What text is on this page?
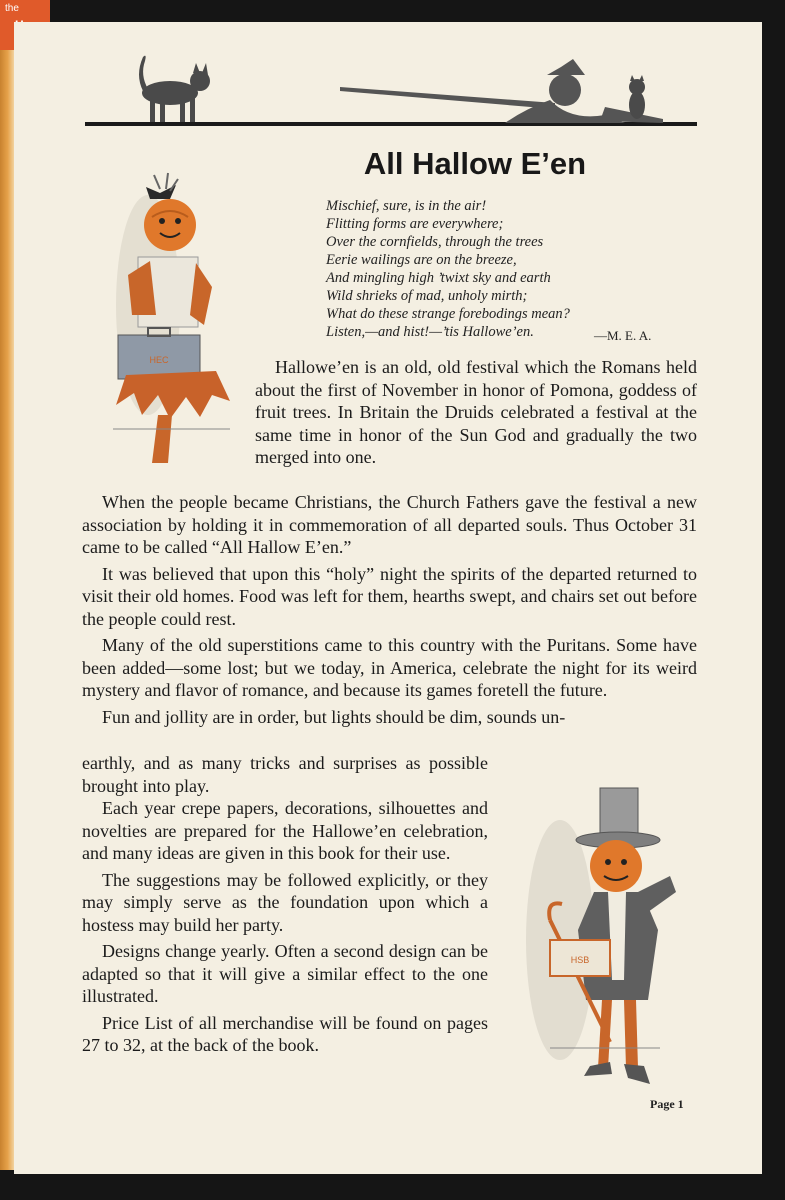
the
All Hallow E’en
Mischief, sure, is in the air!
Flitting forms are everywhere;
Over the cornfields, through the trees
Eerie wailings are on the breeze,
And mingling high ’twixt sky and earth
Wild shrieks of mad, unholy mirth;
What do these strange forebodings mean?
Listen,—and hist!—’tis Hallowe’en.	—M. E. A.
HEC	Hallowe’en is an old, old festival which the Romans held about the first of November in honor of Pomona, goddess of fruit trees. In Britain the Druids celebrated a festival at the same time in honor of the Sun God and gradually the two merged into one.

When the people became Christians, the Church Fathers gave the festival a new association by holding it in commemoration of all departed souls. Thus October 31 came to be called “All Hallow E’en.”

It was believed that upon this “holy” night the spirits of the departed returned to visit their old homes. Food was left for them, hearths swept, and chairs set out before the people could rest.

Many of the old superstitions came to this country with the Puritans. Some have been added—some lost; but we today, in America, celebrate the night for its weird mystery and flavor of romance, and because its games foretell the future.

Fun and jollity are in order, but lights should be dim, sounds un-

earthly, and as many tricks and surprises as possible brought into play.

Each year crepe papers, decorations, silhouettes and novelties are prepared for the Hallowe’en celebration, and many ideas are given in this book for their use.

The suggestions may be followed explicitly, or they may simply serve as the foundation upon which a hostess may build her party.

Designs change yearly. Often a second design can be adapted so that it will give a similar effect to the one illustrated.

Price List of all merchandise will be found on pages 27 to 32, at the back of the book.

HSB
Page 1
